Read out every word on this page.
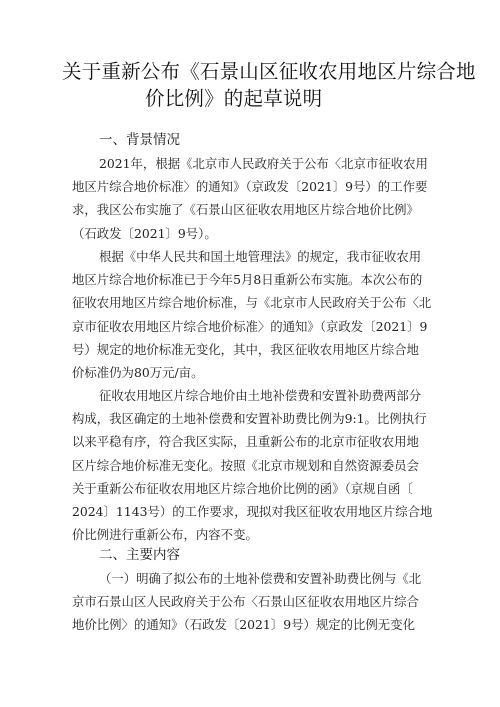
关于重新公布《石景山区征收农用地区片综合地
价比例》的起草说明
一、背景情况
2021年，根据《北京市人民政府关于公布〈北京市征收农用
地区片综合地价标准〉的通知》（京政发〔2021〕9号）的工作要
求，我区公布实施了《石景山区征收农用地区片综合地价比例》
（石政发〔2021〕9号）。
根据《中华人民共和国土地管理法》的规定，我市征收农用
地区片综合地价标准已于今年5月8日重新公布实施。本次公布的
征收农用地区片综合地价标准，与《北京市人民政府关于公布〈北
京市征收农用地区片综合地价标准〉的通知》（京政发〔2021〕9
号）规定的地价标准无变化，其中，我区征收农用地区片综合地
价标准仍为80万元/亩。
征收农用地区片综合地价由土地补偿费和安置补助费两部分
构成，我区确定的土地补偿费和安置补助费比例为9:1。比例执行
以来平稳有序，符合我区实际，且重新公布的北京市征收农用地
区片综合地价标准无变化。按照《北京市规划和自然资源委员会
关于重新公布征收农用地区片综合地价比例的函》（京规自函〔
2024〕1143号）的工作要求，现拟对我区征收农用地区片综合地
价比例进行重新公布，内容不变。
二、主要内容
（一）明确了拟公布的土地补偿费和安置补助费比例与《北
京市石景山区人民政府关于公布〈石景山区征收农用地区片综合
地价比例〉的通知》（石政发〔2021〕9号）规定的比例无变化
